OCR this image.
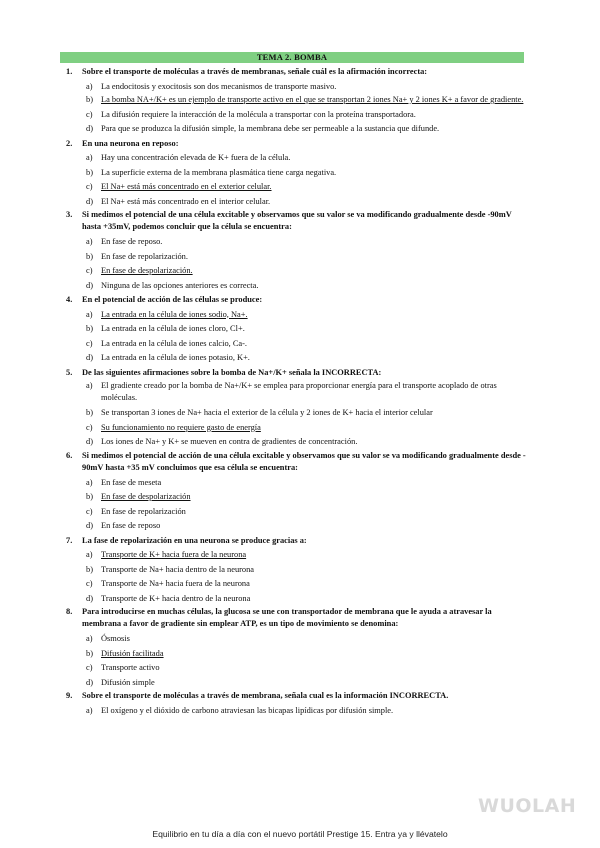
TEMA 2. BOMBA
1. Sobre el transporte de moléculas a través de membranas, señale cuál es la afirmación incorrecta:
a) La endocitosis y exocitosis son dos mecanismos de transporte masivo.
b) La bomba NA+/K+ es un ejemplo de transporte activo en el que se transportan 2 iones Na+ y 2 iones K+ a favor de gradiente.
c) La difusión requiere la interacción de la molécula a transportar con la proteína transportadora.
d) Para que se produzca la difusión simple, la membrana debe ser permeable a la sustancia que difunde.
2. En una neurona en reposo:
a) Hay una concentración elevada de K+ fuera de la célula.
b) La superficie externa de la membrana plasmática tiene carga negativa.
c) El Na+ está más concentrado en el exterior celular.
d) El Na+ está más concentrado en el interior celular.
3. Si medimos el potencial de una célula excitable y observamos que su valor se va modificando gradualmente desde -90mV hasta +35mV, podemos concluir que la célula se encuentra:
a) En fase de reposo.
b) En fase de repolarización.
c) En fase de despolarización.
d) Ninguna de las opciones anteriores es correcta.
4. En el potencial de acción de las células se produce:
a) La entrada en la célula de iones sodio, Na+.
b) La entrada en la célula de iones cloro, Cl+.
c) La entrada en la célula de iones calcio, Ca-.
d) La entrada en la célula de iones potasio, K+.
5. De las siguientes afirmaciones sobre la bomba de Na+/K+ señala la INCORRECTA:
a) El gradiente creado por la bomba de Na+/K+ se emplea para proporcionar energía para el transporte acoplado de otras moléculas.
b) Se transportan 3 iones de Na+ hacia el exterior de la célula y 2 iones de K+ hacia el interior celular
c) Su funcionamiento no requiere gasto de energía
d) Los iones de Na+ y K+ se mueven en contra de gradientes de concentración.
6. Si medimos el potencial de acción de una célula excitable y observamos que su valor se va modificando gradualmente desde - 90mV hasta +35 mV concluimos que esa célula se encuentra:
a) En fase de meseta
b) En fase de despolarización
c) En fase de repolarización
d) En fase de reposo
7. La fase de repolarización en una neurona se produce gracias a:
a) Transporte de K+ hacia fuera de la neurona
b) Transporte de Na+ hacia dentro de la neurona
c) Transporte de Na+ hacia fuera de la neurona
d) Transporte de K+ hacia dentro de la neurona
8. Para introducirse en muchas células, la glucosa se une con transportador de membrana que le ayuda a atravesar la membrana a favor de gradiente sin emplear ATP, es un tipo de movimiento se denomina:
a) Ósmosis
b) Difusión facilitada
c) Transporte activo
d) Difusión simple
9. Sobre el transporte de moléculas a través de membrana, señala cual es la información INCORRECTA.
a) El oxígeno y el dióxido de carbono atraviesan las bicapas lipídicas por difusión simple.
WUOLAH
Equilibrio en tu día a día con el nuevo portátil Prestige 15. Entra ya y llévatelo
